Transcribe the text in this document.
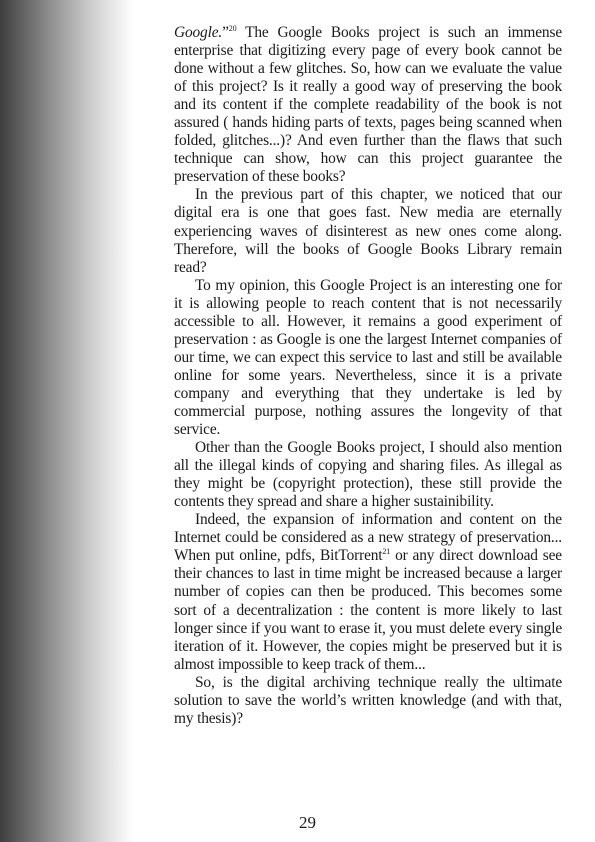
Google.”$^{20}$ The Google Books project is such an immense enterprise that digitizing every page of every book cannot be done without a few glitches. So, how can we evaluate the value of this project? Is it really a good way of preserving the book and its content if the complete readability of the book is not assured ( hands hiding parts of texts, pages being scanned when folded, glitches...)? And even further than the flaws that such technique can show, how can this project guarantee the preservation of these books?

In the previous part of this chapter, we noticed that our digital era is one that goes fast. New media are eternally experiencing waves of disinterest as new ones come along. Therefore, will the books of Google Books Library remain read?

To my opinion, this Google Project is an interesting one for it is allowing people to reach content that is not necessarily accessible to all. However, it remains a good experiment of preservation : as Google is one the largest Internet companies of our time, we can expect this service to last and still be available online for some years. Nevertheless, since it is a private company and everything that they undertake is led by commercial purpose, nothing assures the longevity of that service.

Other than the Google Books project, I should also mention all the illegal kinds of copying and sharing files. As illegal as they might be (copyright protection), these still provide the contents they spread and share a higher sustainibility.

Indeed, the expansion of information and content on the Internet could be considered as a new strategy of preservation... When put online, pdfs, BitTorrent$^{21}$ or any direct download see their chances to last in time might be increased because a larger number of copies can then be produced. This becomes some sort of a decentralization : the content is more likely to last longer since if you want to erase it, you must delete every single iteration of it. However, the copies might be preserved but it is almost impossible to keep track of them...

So, is the digital archiving technique really the ultimate solution to save the world’s written knowledge (and with that, my thesis)?

29
